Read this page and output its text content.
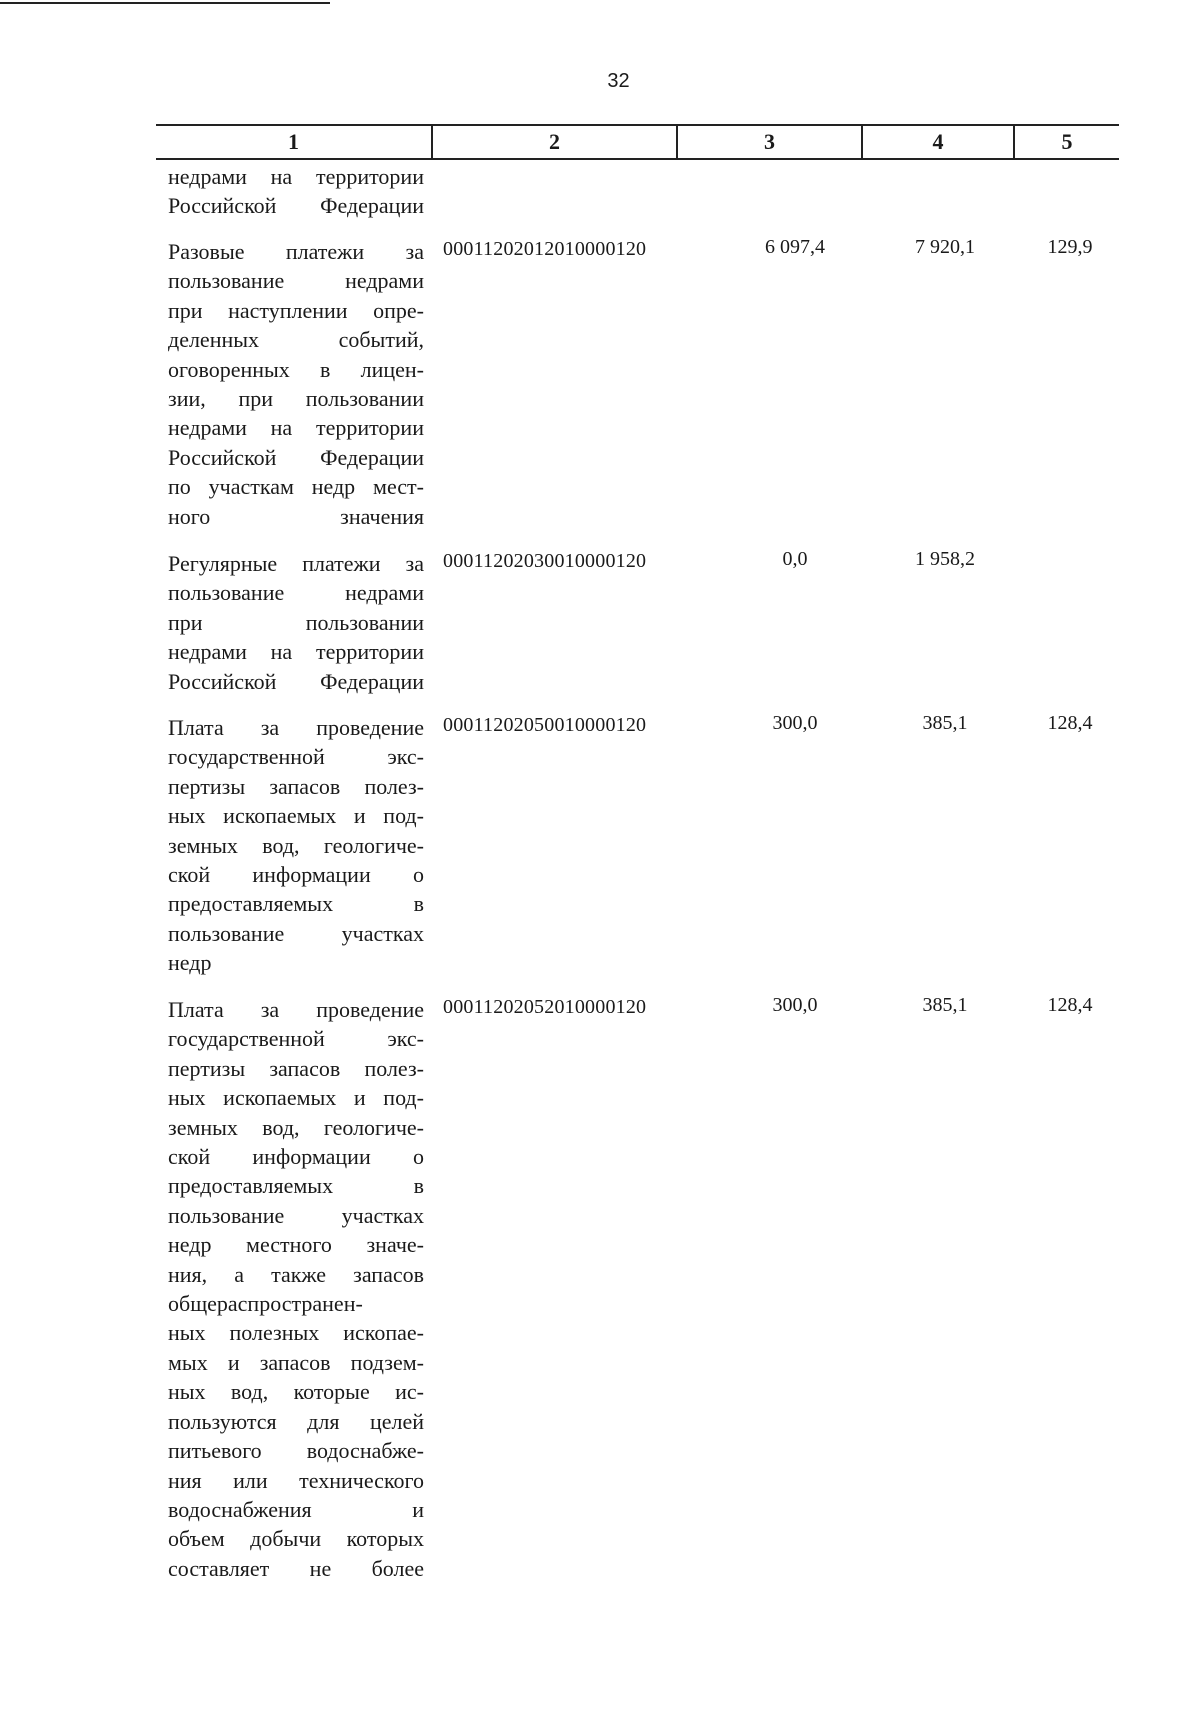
32
1	2	3	4	5
недрами на территории
Российской Федерации
Разовые платежи за
пользование	недрами
при наступлении опре-
деленных	событий,
оговоренных в лицен-
зии, при пользовании
недрами на территории
Российской Федерации
по участкам недр мест-
ного	значения
00011202012010000120	6 097,4	7 920,1	129,9
Регулярные платежи за
пользование	недрами
при	пользовании
недрами на территории
Российской Федерации
00011202030010000120	0,0	1 958,2
Плата за проведение
государственной	экс-
пертизы запасов полез-
ных ископаемых и под-
земных вод, геологиче-
ской информации о
предоставляемых	в
пользование	участках
недр
00011202050010000120	300,0	385,1	128,4
Плата за проведение
государственной	экс-
пертизы запасов полез-
ных ископаемых и под-
земных вод, геологиче-
ской информации о
предоставляемых	в
пользование	участках
недр местного значе-
ния, а также запасов
общераспространен-
ных полезных ископае-
мых и запасов подзем-
ных вод, которые ис-
пользуются для целей
питьевого водоснабже-
ния или технического
водоснабжения	и
объем добычи которых
составляет не более
00011202052010000120	300,0	385,1	128,4
